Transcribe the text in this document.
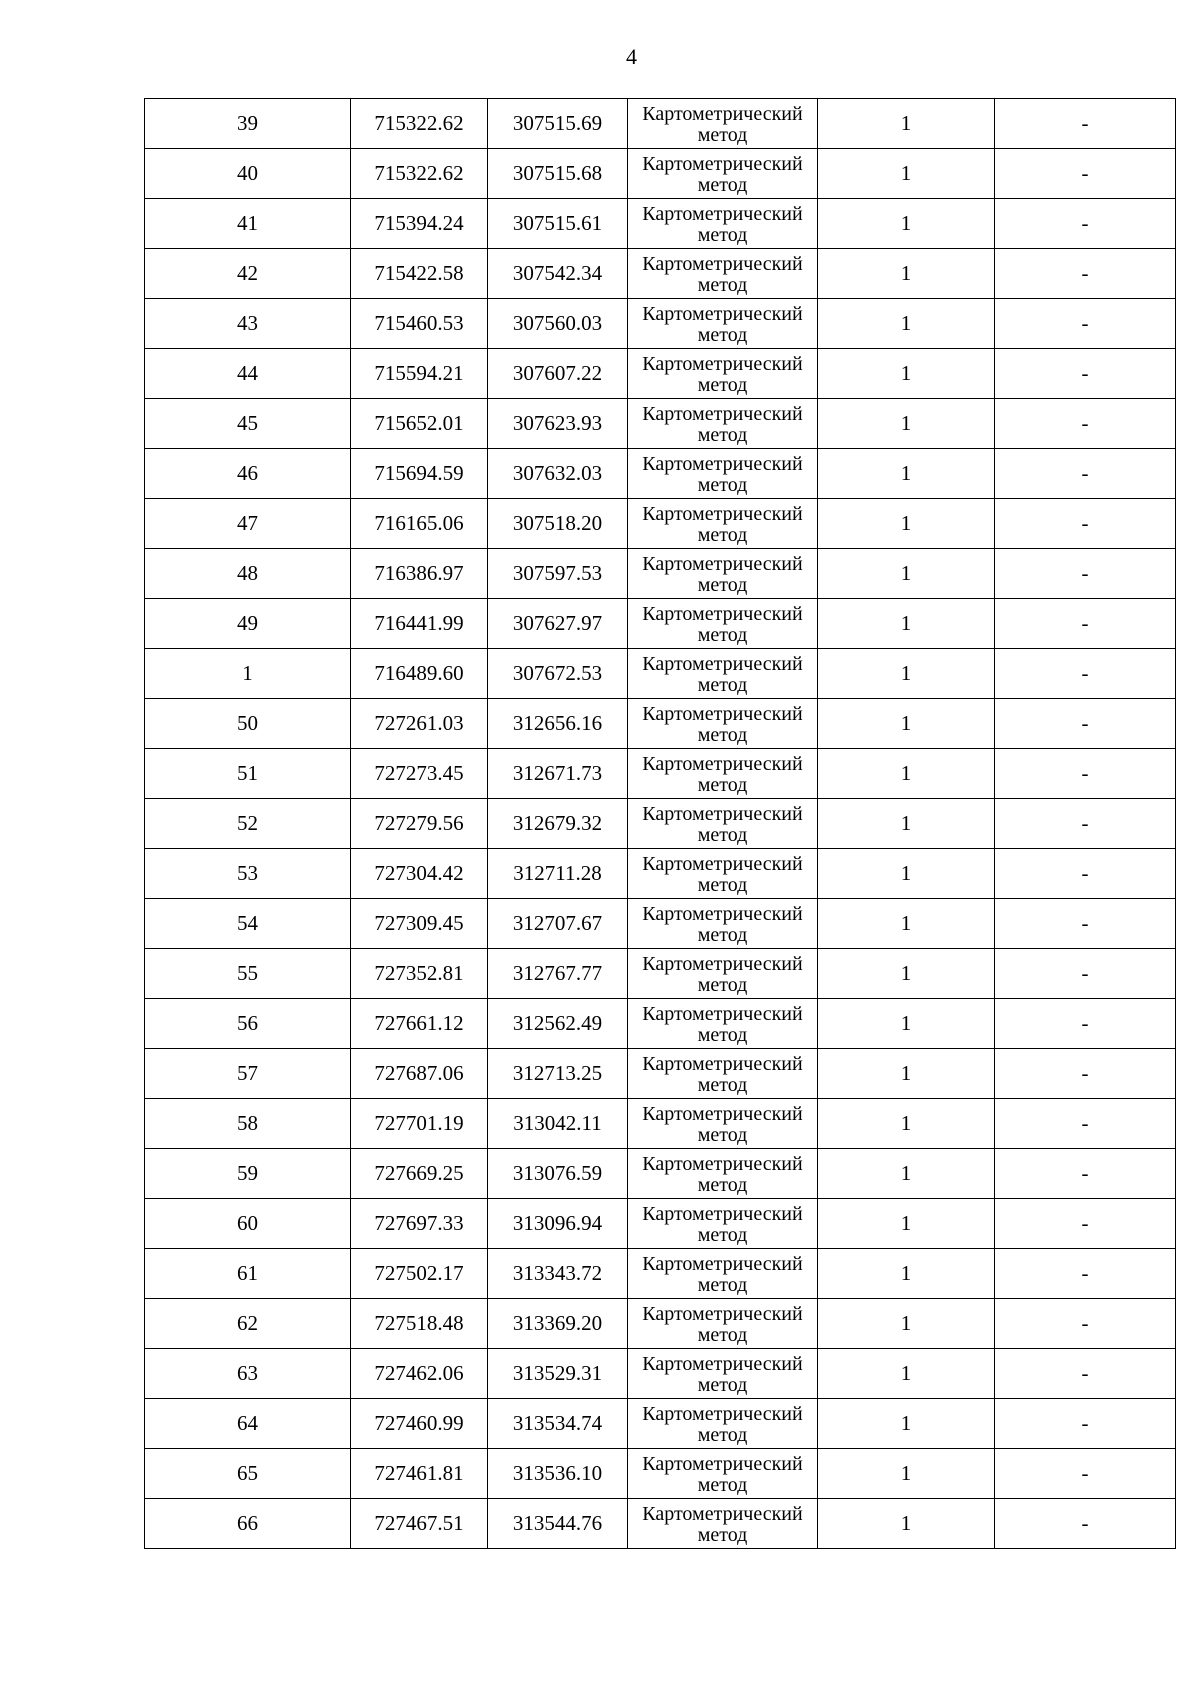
4
39	715322.62	307515.69	Картометрический метод	1	-
40	715322.62	307515.68	Картометрический метод	1	-
41	715394.24	307515.61	Картометрический метод	1	-
42	715422.58	307542.34	Картометрический метод	1	-
43	715460.53	307560.03	Картометрический метод	1	-
44	715594.21	307607.22	Картометрический метод	1	-
45	715652.01	307623.93	Картометрический метод	1	-
46	715694.59	307632.03	Картометрический метод	1	-
47	716165.06	307518.20	Картометрический метод	1	-
48	716386.97	307597.53	Картометрический метод	1	-
49	716441.99	307627.97	Картометрический метод	1	-
1	716489.60	307672.53	Картометрический метод	1	-
50	727261.03	312656.16	Картометрический метод	1	-
51	727273.45	312671.73	Картометрический метод	1	-
52	727279.56	312679.32	Картометрический метод	1	-
53	727304.42	312711.28	Картометрический метод	1	-
54	727309.45	312707.67	Картометрический метод	1	-
55	727352.81	312767.77	Картометрический метод	1	-
56	727661.12	312562.49	Картометрический метод	1	-
57	727687.06	312713.25	Картометрический метод	1	-
58	727701.19	313042.11	Картометрический метод	1	-
59	727669.25	313076.59	Картометрический метод	1	-
60	727697.33	313096.94	Картометрический метод	1	-
61	727502.17	313343.72	Картометрический метод	1	-
62	727518.48	313369.20	Картометрический метод	1	-
63	727462.06	313529.31	Картометрический метод	1	-
64	727460.99	313534.74	Картометрический метод	1	-
65	727461.81	313536.10	Картометрический метод	1	-
66	727467.51	313544.76	Картометрический метод	1	-
